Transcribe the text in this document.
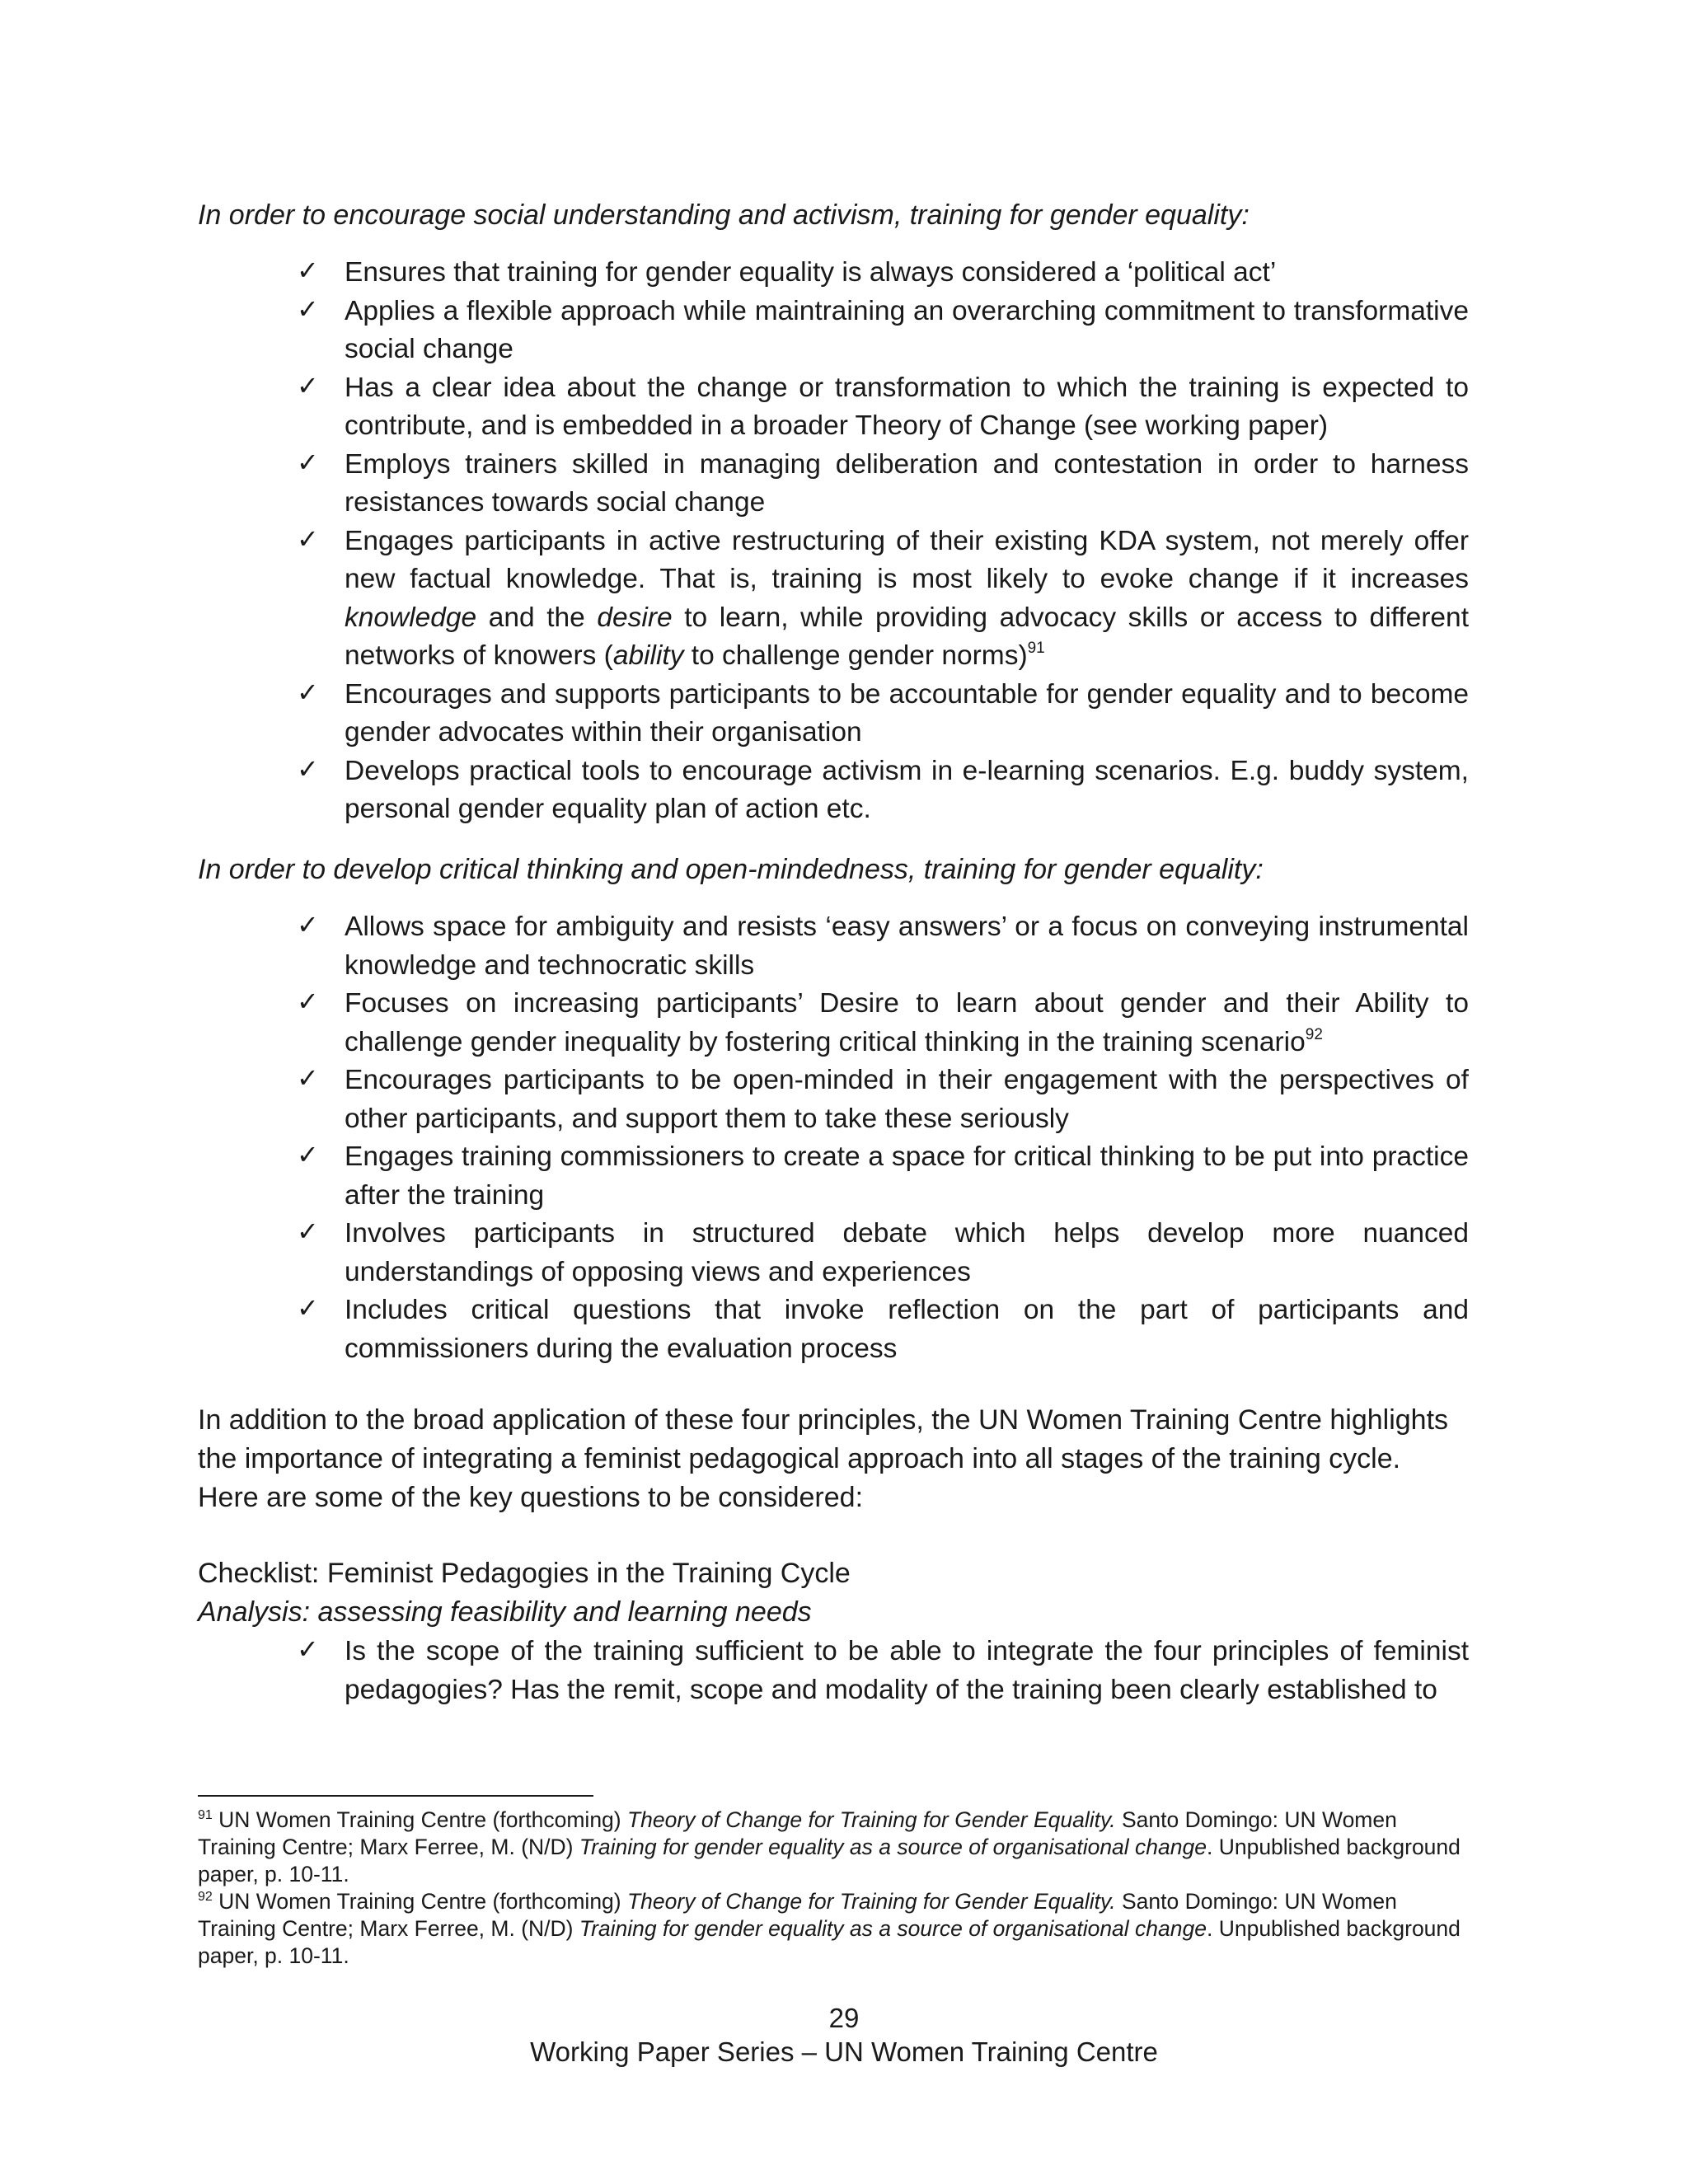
In order to encourage social understanding and activism, training for gender equality:

✓ Ensures that training for gender equality is always considered a ‘political act’
✓ Applies a flexible approach while maintraining an overarching commitment to transformative social change
✓ Has a clear idea about the change or transformation to which the training is expected to contribute, and is embedded in a broader Theory of Change (see working paper)
✓ Employs trainers skilled in managing deliberation and contestation in order to harness resistances towards social change
✓ Engages participants in active restructuring of their existing KDA system, not merely offer new factual knowledge. That is, training is most likely to evoke change if it increases knowledge and the desire to learn, while providing advocacy skills or access to different networks of knowers (ability to challenge gender norms)$^{91}$
✓ Encourages and supports participants to be accountable for gender equality and to become gender advocates within their organisation
✓ Develops practical tools to encourage activism in e-learning scenarios. E.g. buddy system, personal gender equality plan of action etc.

In order to develop critical thinking and open-mindedness, training for gender equality:

✓ Allows space for ambiguity and resists ‘easy answers’ or a focus on conveying instrumental knowledge and technocratic skills
✓ Focuses on increasing participants’ Desire to learn about gender and their Ability to challenge gender inequality by fostering critical thinking in the training scenario$^{92}$
✓ Encourages participants to be open-minded in their engagement with the perspectives of other participants, and support them to take these seriously
✓ Engages training commissioners to create a space for critical thinking to be put into practice after the training
✓ Involves participants in structured debate which helps develop more nuanced understandings of opposing views and experiences
✓ Includes critical questions that invoke reflection on the part of participants and commissioners during the evaluation process

In addition to the broad application of these four principles, the UN Women Training Centre highlights the importance of integrating a feminist pedagogical approach into all stages of the training cycle. Here are some of the key questions to be considered:

Checklist: Feminist Pedagogies in the Training Cycle

Analysis: assessing feasibility and learning needs

✓ Is the scope of the training sufficient to be able to integrate the four principles of feminist pedagogies? Has the remit, scope and modality of the training been clearly established to

$^{91}$ UN Women Training Centre (forthcoming) Theory of Change for Training for Gender Equality. Santo Domingo: UN Women Training Centre; Marx Ferree, M. (N/D) Training for gender equality as a source of organisational change. Unpublished background paper, p. 10-11.

$^{92}$ UN Women Training Centre (forthcoming) Theory of Change for Training for Gender Equality. Santo Domingo: UN Women Training Centre; Marx Ferree, M. (N/D) Training for gender equality as a source of organisational change. Unpublished background paper, p. 10-11.

29
Working Paper Series – UN Women Training Centre
